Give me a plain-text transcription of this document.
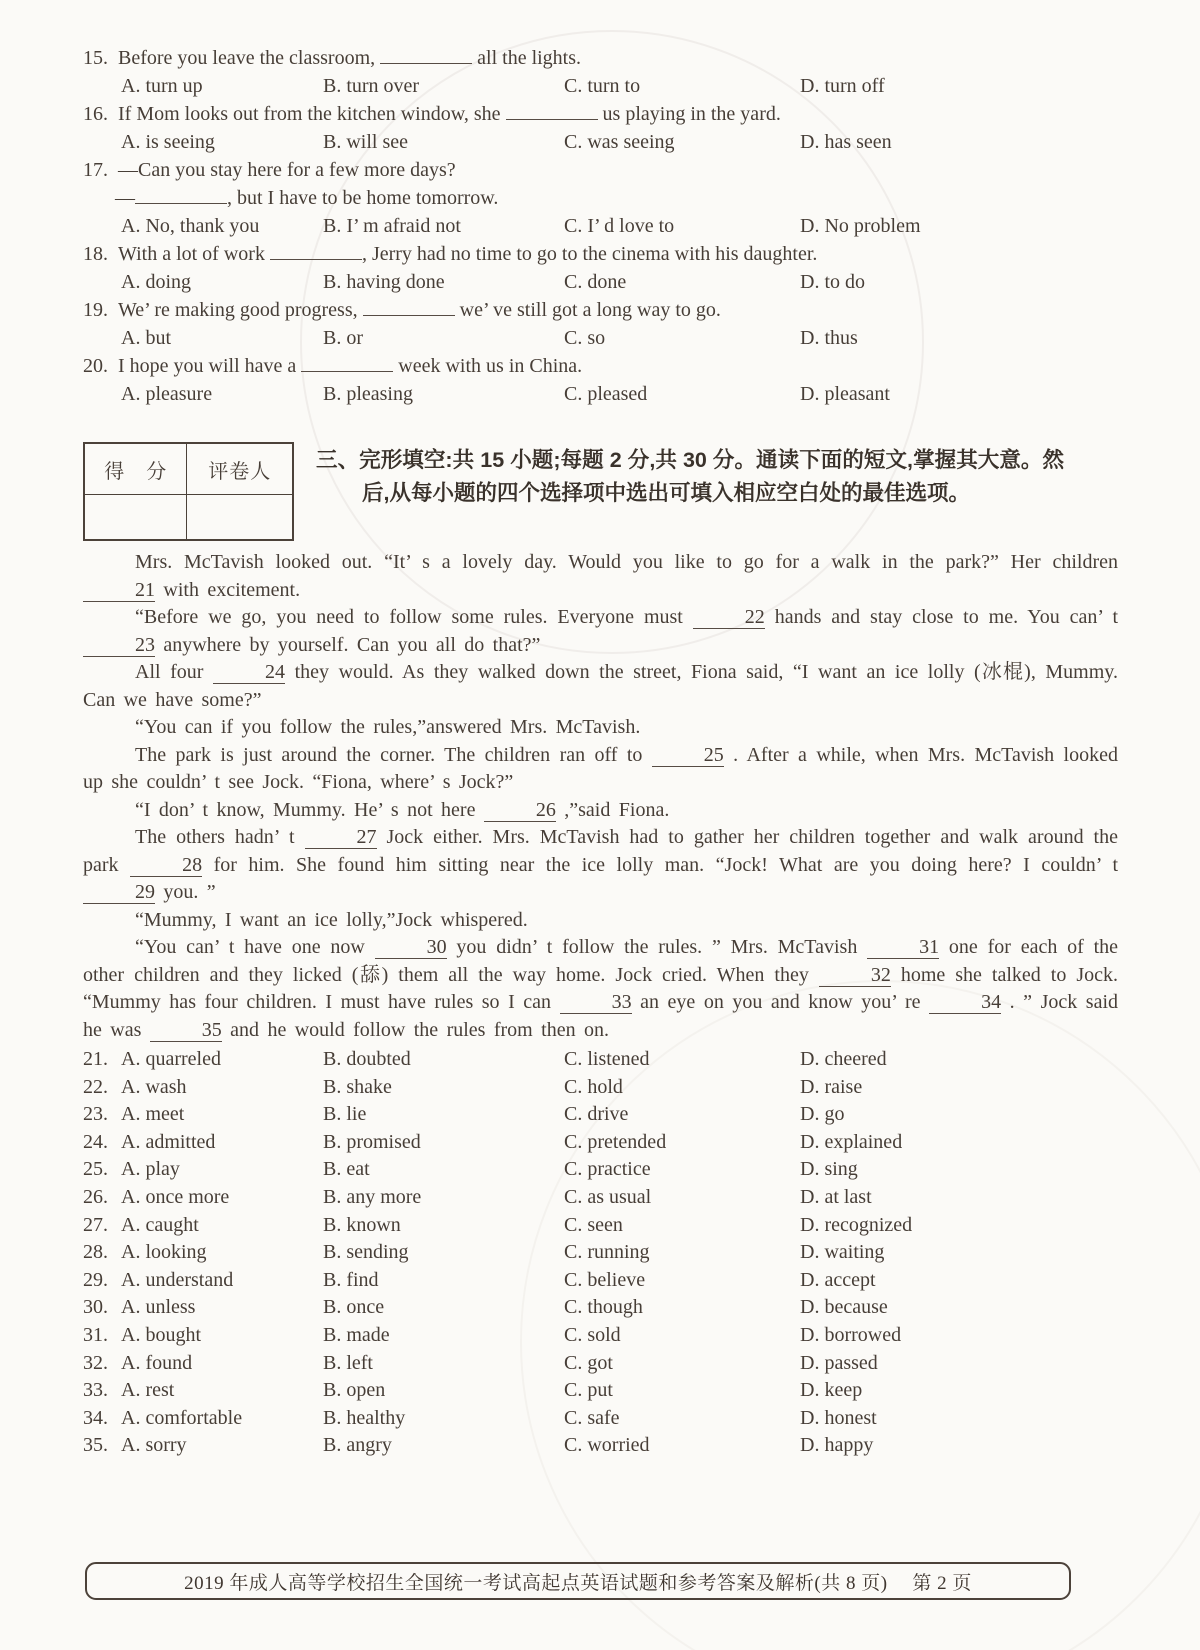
15. Before you leave the classroom,	all the lights.
A. turn up	B. turn over	C. turn to	D. turn off
16. If Mom looks out from the kitchen window, she	us playing in the yard.
A. is seeing	B. will see	C. was seeing	D. has seen
17. —Can you stay here for a few more days?
—	, but I have to be home tomorrow.
A. No, thank you	B. I’ m afraid not	C. I’ d love to	D. No problem
18. With a lot of work	, Jerry had no time to go to the cinema with his daughter.
A. doing	B. having done	C. done	D. to do
19. We’ re making good progress,	we’ ve still got a long way to go.
A. but	B. or	C. so	D. thus
20. I hope you will have a	week with us in China.
A. pleasure	B. pleasing	C. pleased	D. pleasant
得　分	评卷人	三、完形填空:共 15 小题;每题 2 分,共 30 分。通读下面的短文,掌握其大意。然后,从每小题的四个选择项中选出可填入相应空白处的最佳选项。

Mrs. McTavish looked out. “It’ s a lovely day. Would you like to go for a walk in the park?” Her children 21 with excitement.

“Before we go, you need to follow some rules. Everyone must	22 hands and stay close to me. You can’ t 23 anywhere by yourself. Can you all do that?”

All four	24 they would. As they walked down the street, Fiona said, “I want an ice lolly (冰棍), Mummy. Can we have some?”

“You can if you follow the rules,”answered Mrs. McTavish.

The park is just around the corner. The children ran off to	25 . After a while, when Mrs. McTavish looked up she couldn’ t see Jock. “Fiona, where’ s Jock?”

“I don’ t know, Mummy. He’ s not here	26 ,”said Fiona.

The others hadn’ t	27 Jock either. Mrs. McTavish had to gather her children together and walk around the park	28 for him. She found him sitting near the ice lolly man. “Jock! What are you doing here? I couldn’ t 29 you. ”

“Mummy, I want an ice lolly,”Jock whispered.

“You can’ t have one now	30 you didn’ t follow the rules. ” Mrs. McTavish	31 one for each of the other children and they licked (舔) them all the way home. Jock cried. When they	32 home she talked to Jock. “Mummy has four children. I must have rules so I can	33 an eye on you and know you’ re	34 . ” Jock said he was	35 and he would follow the rules from then on.

21. A. quarreled	B. doubted	C. listened	D. cheered
22. A. wash	B. shake	C. hold	D. raise
23. A. meet	B. lie	C. drive	D. go
24. A. admitted	B. promised	C. pretended	D. explained
25. A. play	B. eat	C. practice	D. sing
26. A. once more	B. any more	C. as usual	D. at last
27. A. caught	B. known	C. seen	D. recognized
28. A. looking	B. sending	C. running	D. waiting
29. A. understand	B. find	C. believe	D. accept
30. A. unless	B. once	C. though	D. because
31. A. bought	B. made	C. sold	D. borrowed
32. A. found	B. left	C. got	D. passed
33. A. rest	B. open	C. put	D. keep
34. A. comfortable	B. healthy	C. safe	D. honest
35. A. sorry	B. angry	C. worried	D. happy
2019 年成人高等学校招生全国统一考试高起点英语试题和参考答案及解析(共 8 页)　 第 2 页
